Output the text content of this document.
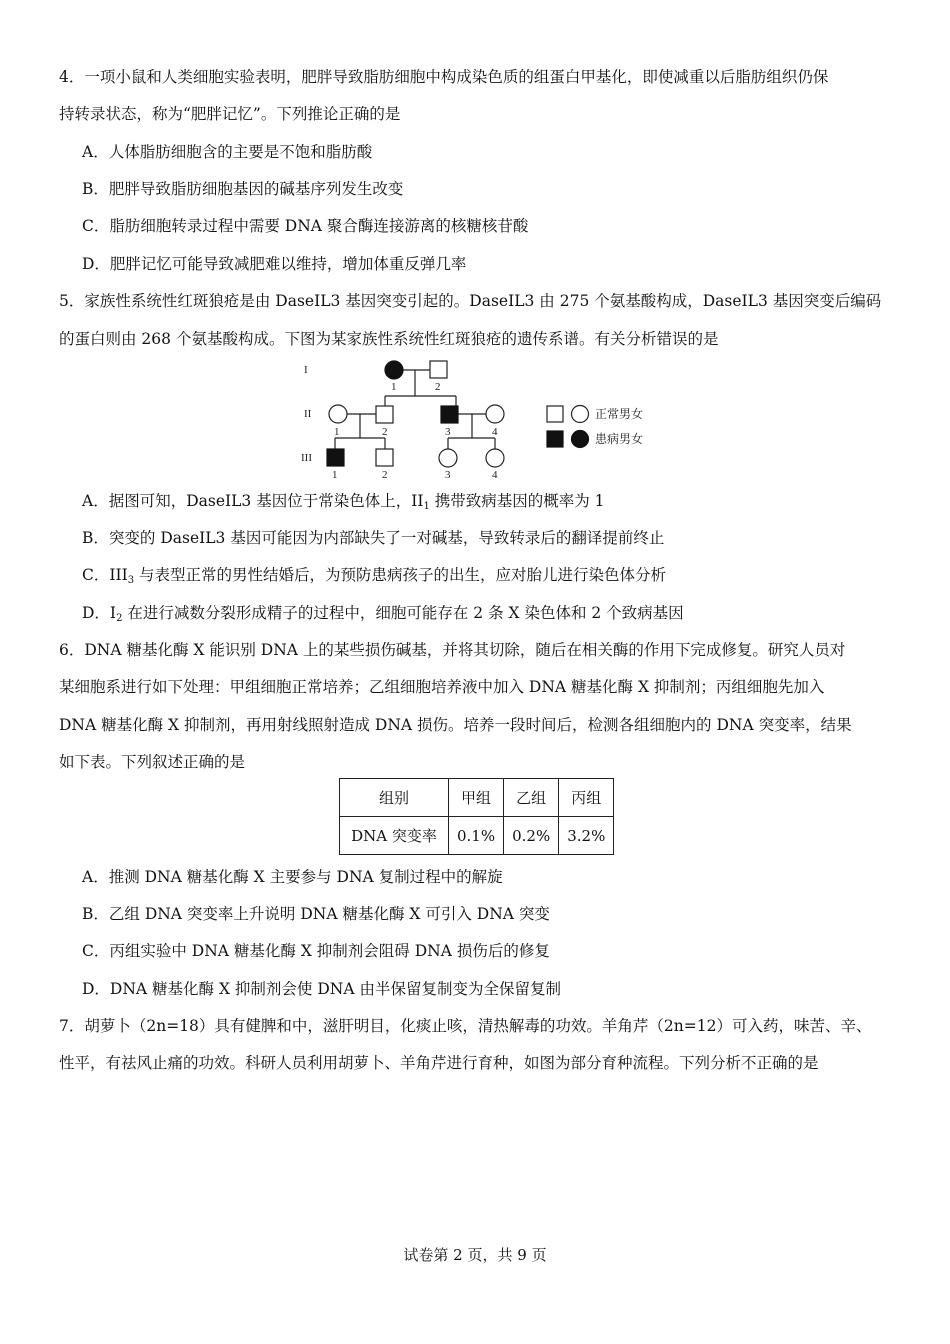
4．一项小鼠和人类细胞实验表明，肥胖导致脂肪细胞中构成染色质的组蛋白甲基化，即使减重以后脂肪组织仍保
持转录状态，称为“肥胖记忆”。下列推论正确的是
A．人体脂肪细胞含的主要是不饱和脂肪酸
B．肥胖导致脂肪细胞基因的碱基序列发生改变
C．脂肪细胞转录过程中需要 DNA 聚合酶连接游离的核糖核苷酸
D．肥胖记忆可能导致减肥难以维持，增加体重反弹几率
5．家族性系统性红斑狼疮是由 DaseIL3 基因突变引起的。DaseIL3 由 275 个氨基酸构成，DaseIL3 基因突变后编码
的蛋白则由 268 个氨基酸构成。下图为某家族性系统性红斑狼疮的遗传系谱。有关分析错误的是
I
II
III
1	2
1	2	3	4
1	2	3	4
正常男女
患病男女
A．据图可知，DaseIL3 基因位于常染色体上，$II_1$ 携带致病基因的概率为 1
B．突变的 DaseIL3 基因可能因为内部缺失了一对碱基，导致转录后的翻译提前终止
C．$III_3$ 与表型正常的男性结婚后，为预防患病孩子的出生，应对胎儿进行染色体分析
D．$I_2$ 在进行减数分裂形成精子的过程中，细胞可能存在 2 条 X 染色体和 2 个致病基因
6．DNA 糖基化酶 X 能识别 DNA 上的某些损伤碱基，并将其切除，随后在相关酶的作用下完成修复。研究人员对
某细胞系进行如下处理：甲组细胞正常培养；乙组细胞培养液中加入 DNA 糖基化酶 X 抑制剂；丙组细胞先加入
DNA 糖基化酶 X 抑制剂，再用射线照射造成 DNA 损伤。培养一段时间后，检测各组细胞内的 DNA 突变率，结果
如下表。下列叙述正确的是
组别	甲组	乙组	丙组
DNA 突变率	0.1%	0.2%	3.2%
A．推测 DNA 糖基化酶 X 主要参与 DNA 复制过程中的解旋
B．乙组 DNA 突变率上升说明 DNA 糖基化酶 X 可引入 DNA 突变
C．丙组实验中 DNA 糖基化酶 X 抑制剂会阻碍 DNA 损伤后的修复
D．DNA 糖基化酶 X 抑制剂会使 DNA 由半保留复制变为全保留复制
7．胡萝卜（2n=18）具有健脾和中，滋肝明目，化痰止咳，清热解毒的功效。羊角芹（2n=12）可入药，味苦、辛、
性平，有祛风止痛的功效。科研人员利用胡萝卜、羊角芹进行育种，如图为部分育种流程。下列分析不正确的是
试卷第 2 页，共 9 页
